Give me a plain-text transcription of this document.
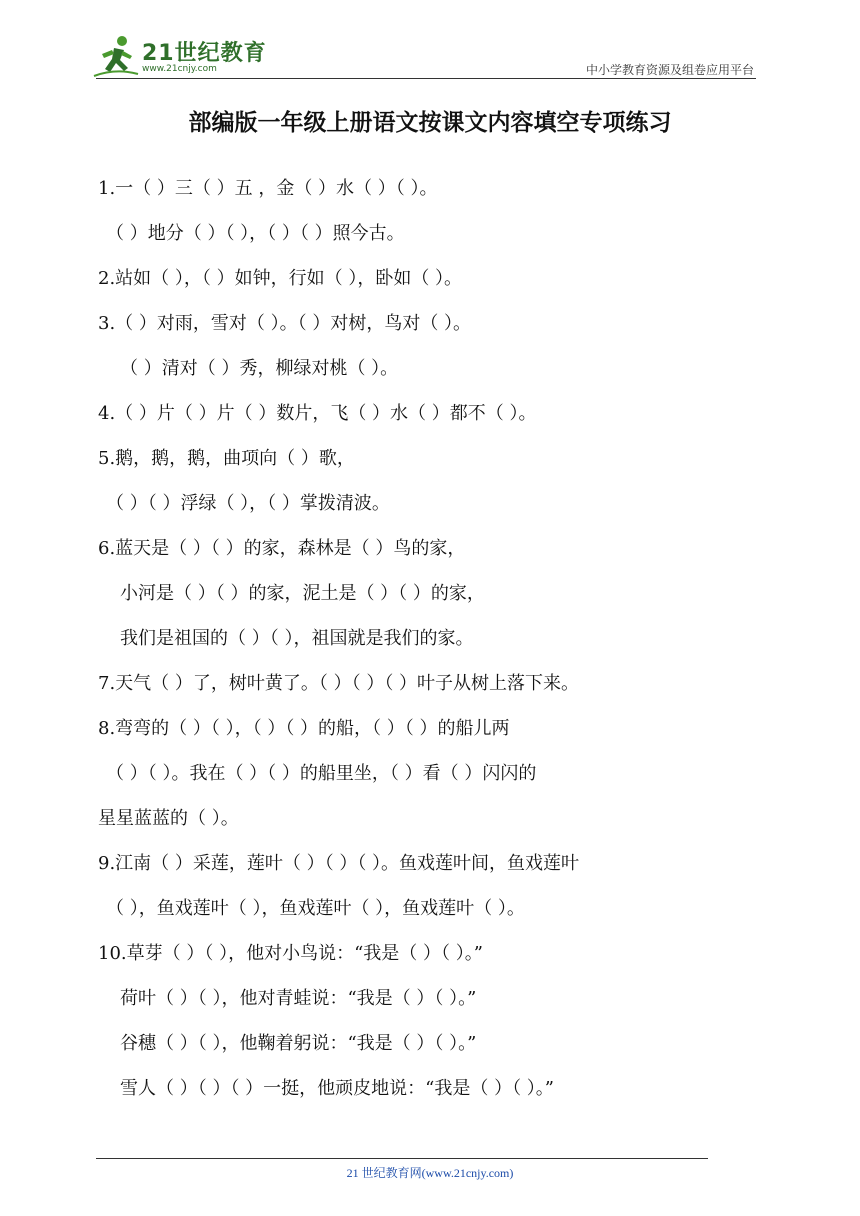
21世纪教育
www.21cnjy.com	中小学教育资源及组卷应用平台
部编版一年级上册语文按课文内容填空专项练习
1.一（ ）三（ ）五 ，金（ ）水（ ）（ ）。
（ ）地分（ ）（ ），（ ）（ ）照今古。
2.站如（ ），（ ）如钟，行如（ ），卧如（ ）。
3.（ ）对雨，雪对（ ）。（ ）对树，鸟对（ ）。
（ ）清对（ ）秀，柳绿对桃（ ）。
4.（ ）片（ ）片（ ）数片，飞（ ）水（ ）都不（ ）。
5.鹅，鹅，鹅，曲项向（ ）歌，
（ ）（ ）浮绿（ ），（ ）掌拨清波。
6.蓝天是（ ）（ ）的家，森林是（ ）鸟的家，
小河是（ ）（ ）的家，泥土是（ ）（ ）的家，
我们是祖国的（ ）（ ），祖国就是我们的家。
7.天气（ ）了，树叶黄了。（ ）（ ）（ ）叶子从树上落下来。
8.弯弯的（ ）（ ），（ ）（ ）的船，（ ）（ ）的船儿两
（ ）（ ）。我在（ ）（ ）的船里坐，（ ）看（ ）闪闪的
星星蓝蓝的（ ）。
9.江南（ ）采莲，莲叶（ ）（ ）（ ）。鱼戏莲叶间，鱼戏莲叶
（ ），鱼戏莲叶（ ），鱼戏莲叶（ ），鱼戏莲叶（ ）。
10.草芽（ ）（ ），他对小鸟说：“我是（ ）（ ）。”
荷叶（ ）（ ），他对青蛙说：“我是（ ）（ ）。”
谷穗（ ）（ ），他鞠着躬说：“我是（ ）（ ）。”
雪人（ ）（ ）（ ）一挺，他顽皮地说：“我是（ ）（ ）。”
21 世纪教育网(www.21cnjy.com)
